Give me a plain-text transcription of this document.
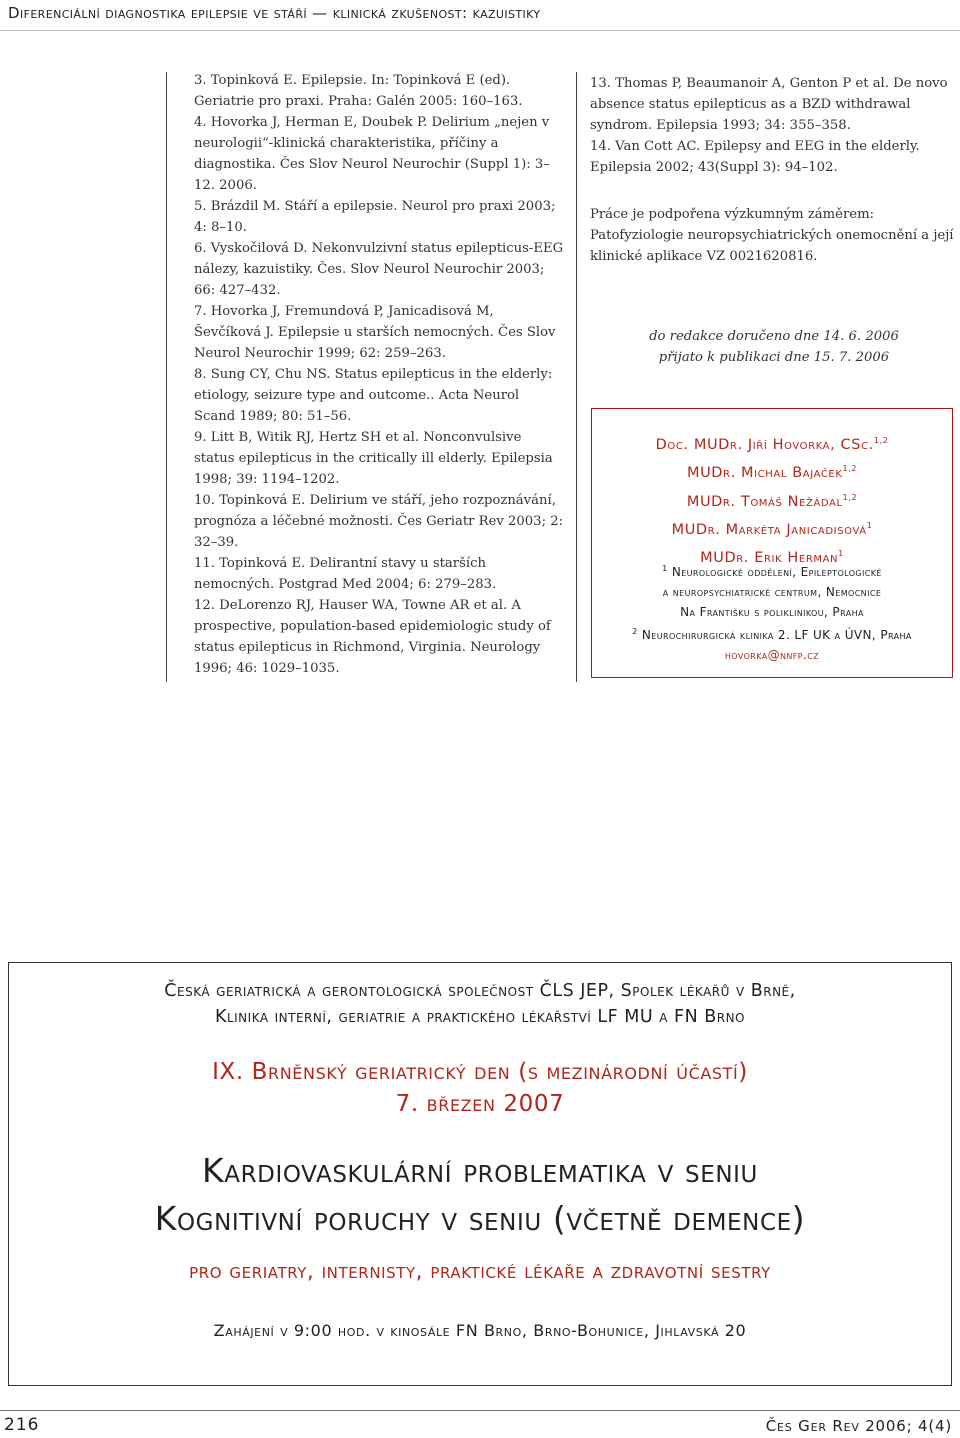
Diferenciální diagnostika epilepsie ve stáří — klinická zkušenost: kazuistiky

3. Topinková E. Epilepsie. In: Topinková E (ed). Geriatrie pro praxi. Praha: Galén 2005: 160–163.

4. Hovorka J, Herman E, Doubek P. Delirium „nejen v neurologii“-klinická charakteristika, příčiny a diagnostika. Čes Slov Neurol Neurochir (Suppl 1): 3–12. 2006.

5. Brázdil M. Stáří a epilepsie. Neurol pro praxi 2003; 4: 8–10.

6. Vyskočilová D. Nekonvulzivní status epilepticus-EEG nálezy, kazuistiky. Čes. Slov Neurol Neurochir 2003; 66: 427–432.

7. Hovorka J, Fremundová P, Janicadisová M, Ševčíková J. Epilepsie u starších nemocných. Čes Slov Neurol Neurochir 1999; 62: 259–263.

8. Sung CY, Chu NS. Status epilepticus in the elderly: etiology, seizure type and outcome.. Acta Neurol Scand 1989; 80: 51–56.

9. Litt B, Witik RJ, Hertz SH et al. Nonconvulsive status epilepticus in the critically ill elderly. Epilepsia 1998; 39: 1194–1202.

10. Topinková E. Delirium ve stáří, jeho rozpoznávání, prognóza a léčebné možnosti. Čes Geriatr Rev 2003; 2: 32–39.

11. Topinková E. Delirantní stavy u starších nemocných. Postgrad Med 2004; 6: 279–283.

12. DeLorenzo RJ, Hauser WA, Towne AR et al. A prospective, population-based epidemiologic study of status epilepticus in Richmond, Virginia. Neurology 1996; 46: 1029–1035.

13. Thomas P, Beaumanoir A, Genton P et al. De novo absence status epilepticus as a BZD withdrawal syndrom. Epilepsia 1993; 34: 355–358.

14. Van Cott AC. Epilepsy and EEG in the elderly. Epilepsia 2002; 43(Suppl 3): 94–102.

Práce je podpořena výzkumným záměrem: Patofyziologie neuropsychiatrických onemocnění a její klinické aplikace VZ 0021620816.

do redakce doručeno dne 14. 6. 2006

přijato k publikaci dne 15. 7. 2006

Doc. MUDr. Jiří Hovorka, CSc.$^{1,2}$

MUDr. Michal Bajaček$^{1,2}$

MUDr. Tomáš Nežádal$^{1,2}$

MUDr. Markéta Janicadisová$^1$

MUDr. Erik Herman$^1$

$^1$ Neurologické oddělení, Epileptologické

a neuropsychiatrické centrum, Nemocnice

Na Františku s poliklinikou, Praha

$^2$ Neurochirurgická klinika 2. LF UK a ÚVN, Praha

hovorka@nnfp.cz

Česká geriatrická a gerontologická společnost ČLS JEP, Spolek lékařů v Brně,

Klinika interní, geriatrie a praktického lékařství LF MU a FN Brno

IX. Brněnský geriatrický den (s mezinárodní účastí)

7. březen 2007

Kardiovaskulární problematika v seniu

Kognitivní poruchy v seniu (včetně demence)

pro geriatry, internisty, praktické lékaře a zdravotní sestry

Zahájení v 9:00 hod. v kinosále FN Brno, Brno-Bohunice, Jihlavská 20

216	Čes Ger Rev 2006; 4(4)
